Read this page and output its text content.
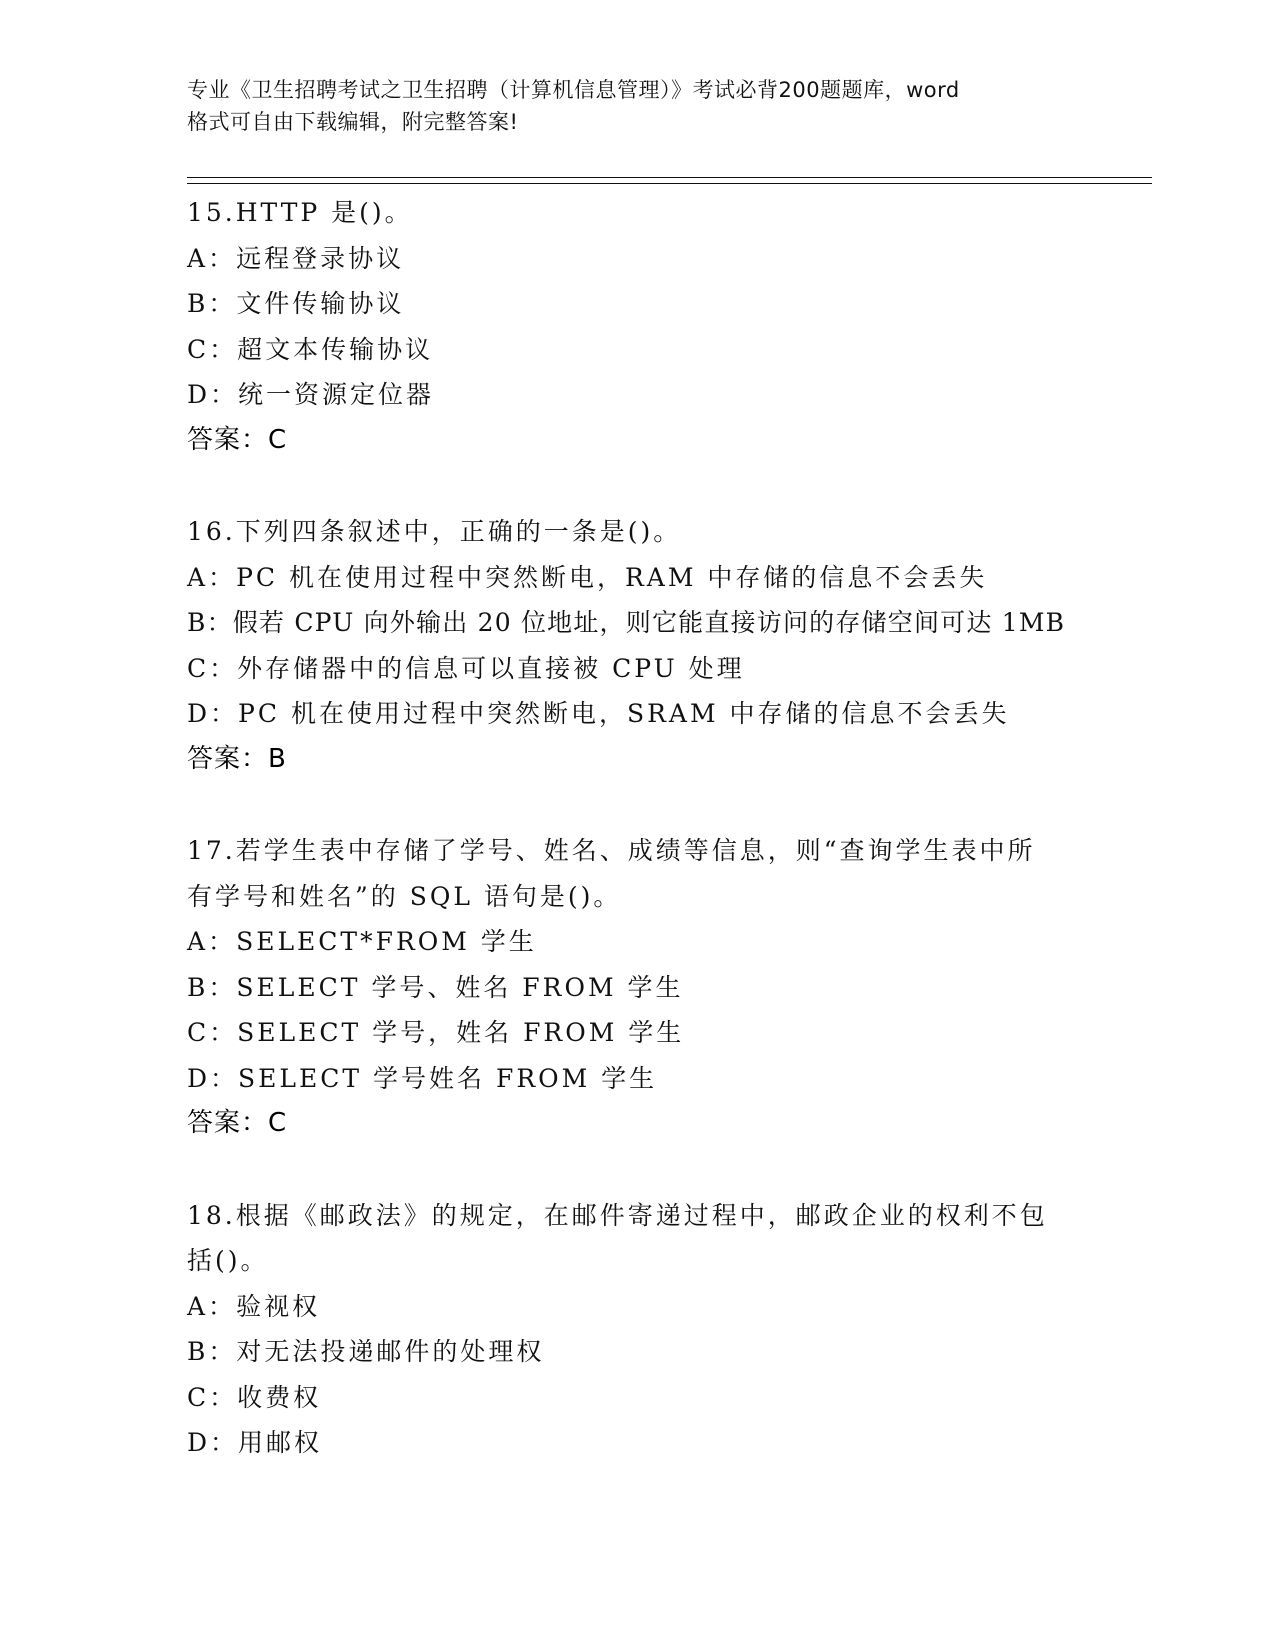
专业《卫生招聘考试之卫生招聘（计算机信息管理）》考试必背200题题库，word
格式可自由下载编辑，附完整答案!
15.HTTP 是()。
A：远程登录协议
B：文件传输协议
C：超文本传输协议
D：统一资源定位器
答案：C
16.下列四条叙述中，正确的一条是()。
A：PC 机在使用过程中突然断电，RAM 中存储的信息不会丢失
B：假若 CPU 向外输出 20 位地址，则它能直接访问的存储空间可达 1MB
C：外存储器中的信息可以直接被 CPU 处理
D：PC 机在使用过程中突然断电，SRAM 中存储的信息不会丢失
答案：B
17.若学生表中存储了学号、姓名、成绩等信息，则“查询学生表中所
有学号和姓名”的 SQL 语句是()。
A：SELECT*FROM 学生
B：SELECT 学号、姓名 FROM 学生
C：SELECT 学号，姓名 FROM 学生
D：SELECT 学号姓名 FROM 学生
答案：C
18.根据《邮政法》的规定，在邮件寄递过程中，邮政企业的权利不包
括()。
A：验视权
B：对无法投递邮件的处理权
C：收费权
D：用邮权
